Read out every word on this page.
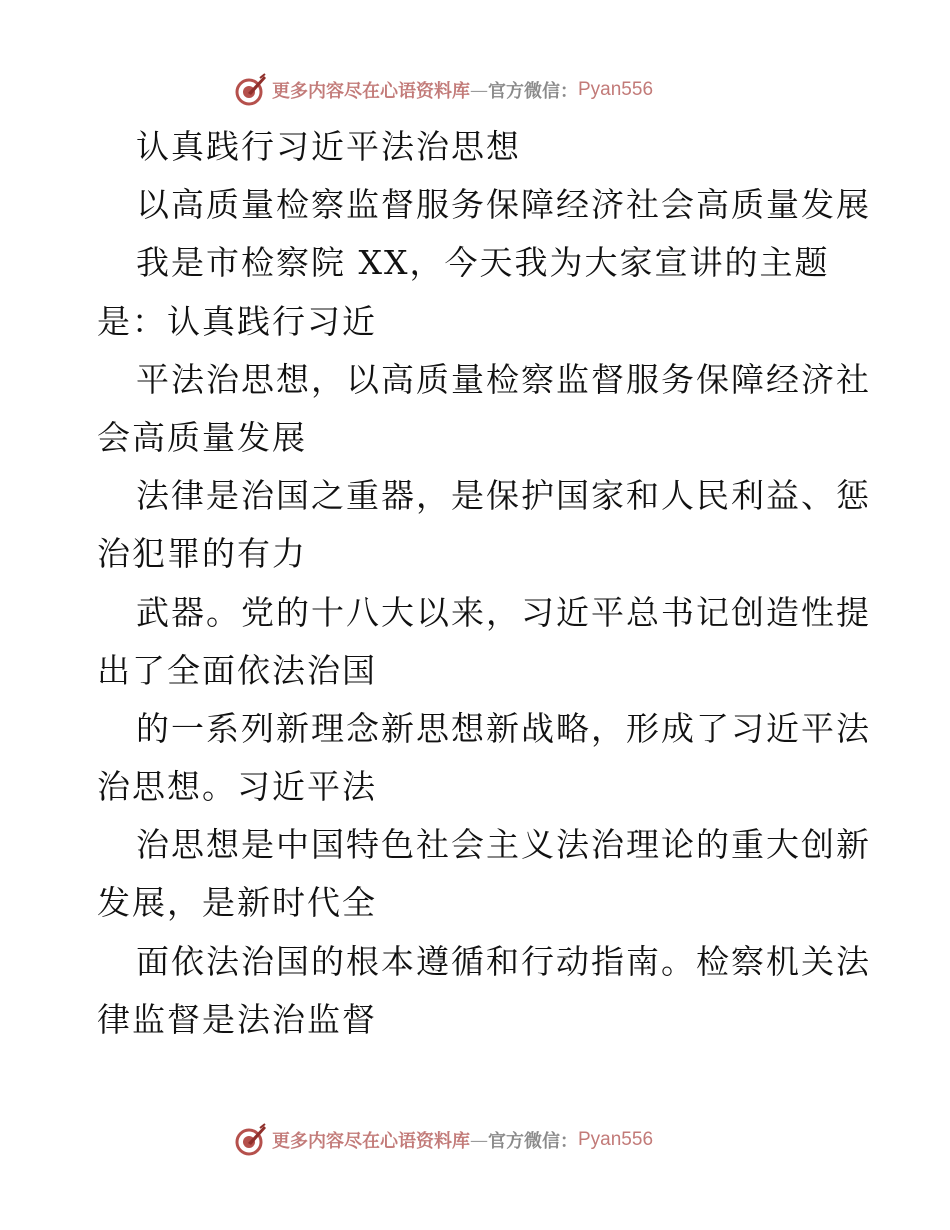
更多内容尽在心语资料库 — 官方微信： Pyan556
认真践行习近平法治思想
以高质量检察监督服务保障经济社会高质量发展
我是市检察院 XX，今天我为大家宣讲的主题
是：认真践行习近
平法治思想，以高质量检察监督服务保障经济社
会高质量发展
法律是治国之重器，是保护国家和人民利益、惩
治犯罪的有力
武器。党的十八大以来，习近平总书记创造性提
出了全面依法治国
的一系列新理念新思想新战略，形成了习近平法
治思想。习近平法
治思想是中国特色社会主义法治理论的重大创新
发展，是新时代全
面依法治国的根本遵循和行动指南。检察机关法
律监督是法治监督
更多内容尽在心语资料库 — 官方微信： Pyan556
